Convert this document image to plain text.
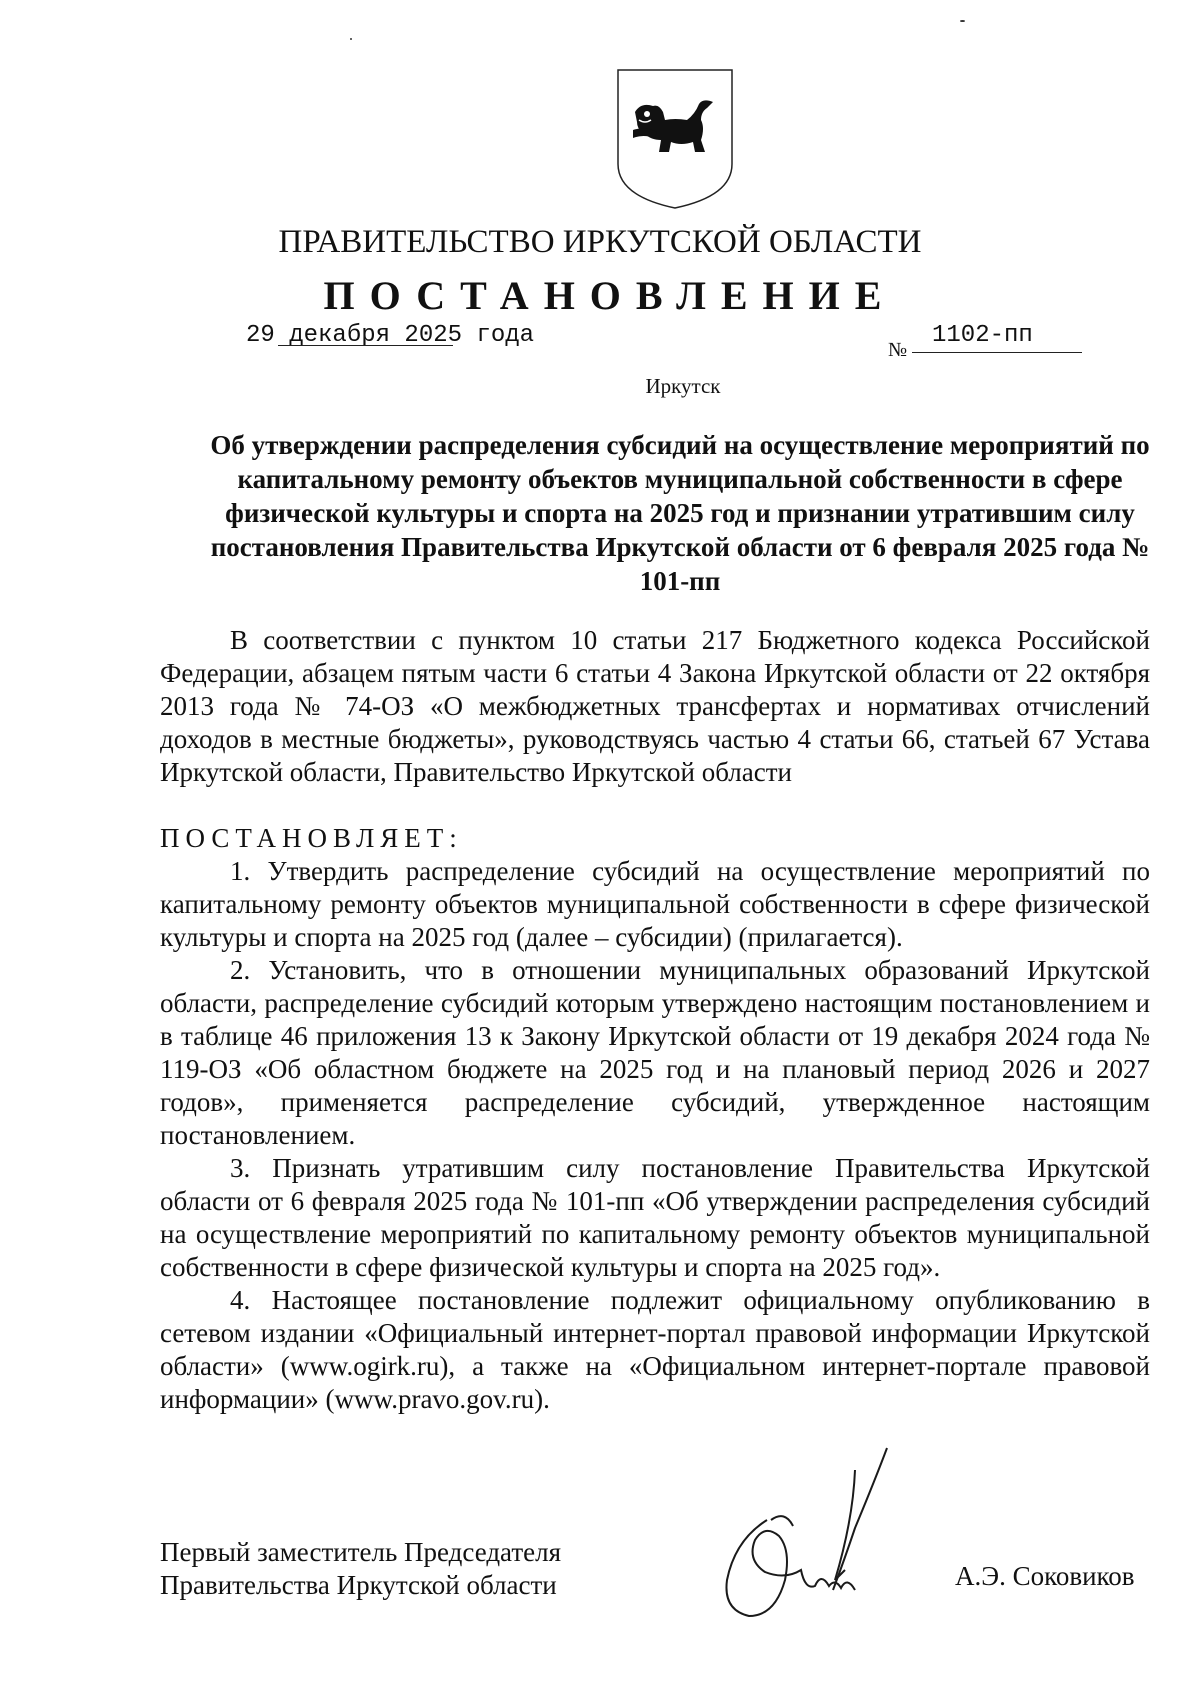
ПРАВИТЕЛЬСТВО ИРКУТСКОЙ ОБЛАСТИ
ПОСТАНОВЛЕНИЕ
29 декабря 2025 года
№
1102-пп
Иркутск
Об утверждении распределения субсидий на осуществление мероприятий по капитальному ремонту объектов муниципальной собственности в сфере физической культуры и спорта на 2025 год и признании утратившим силу постановления Правительства Иркутской области от 6 февраля 2025 года № 101-пп

В соответствии с пунктом 10 статьи 217 Бюджетного кодекса Российской Федерации, абзацем пятым части 6 статьи 4 Закона Иркутской области от 22 октября 2013 года № 74-ОЗ «О межбюджетных трансфертах и нормативах отчислений доходов в местные бюджеты», руководствуясь частью 4 статьи 66, статьей 67 Устава Иркутской области, Правительство Иркутской области

ПОСТАНОВЛЯЕТ:

1. Утвердить распределение субсидий на осуществление мероприятий по капитальному ремонту объектов муниципальной собственности в сфере физической культуры и спорта на 2025 год (далее – субсидии) (прилагается).

2. Установить, что в отношении муниципальных образований Иркутской области, распределение субсидий которым утверждено настоящим постановлением и в таблице 46 приложения 13 к Закону Иркутской области от 19 декабря 2024 года № 119-ОЗ «Об областном бюджете на 2025 год и на плановый период 2026 и 2027 годов», применяется распределение субсидий, утвержденное настоящим постановлением.

3. Признать утратившим силу постановление Правительства Иркутской области от 6 февраля 2025 года № 101-пп «Об утверждении распределения субсидий на осуществление мероприятий по капитальному ремонту объектов муниципальной собственности в сфере физической культуры и спорта на 2025 год».

4. Настоящее постановление подлежит официальному опубликованию в сетевом издании «Официальный интернет-портал правовой информации Иркутской области» (www.ogirk.ru), а также на «Официальном интернет-портале правовой информации» (www.pravo.gov.ru).

Первый заместитель Председателя
Правительства Иркутской области	А.Э. Соковиков
